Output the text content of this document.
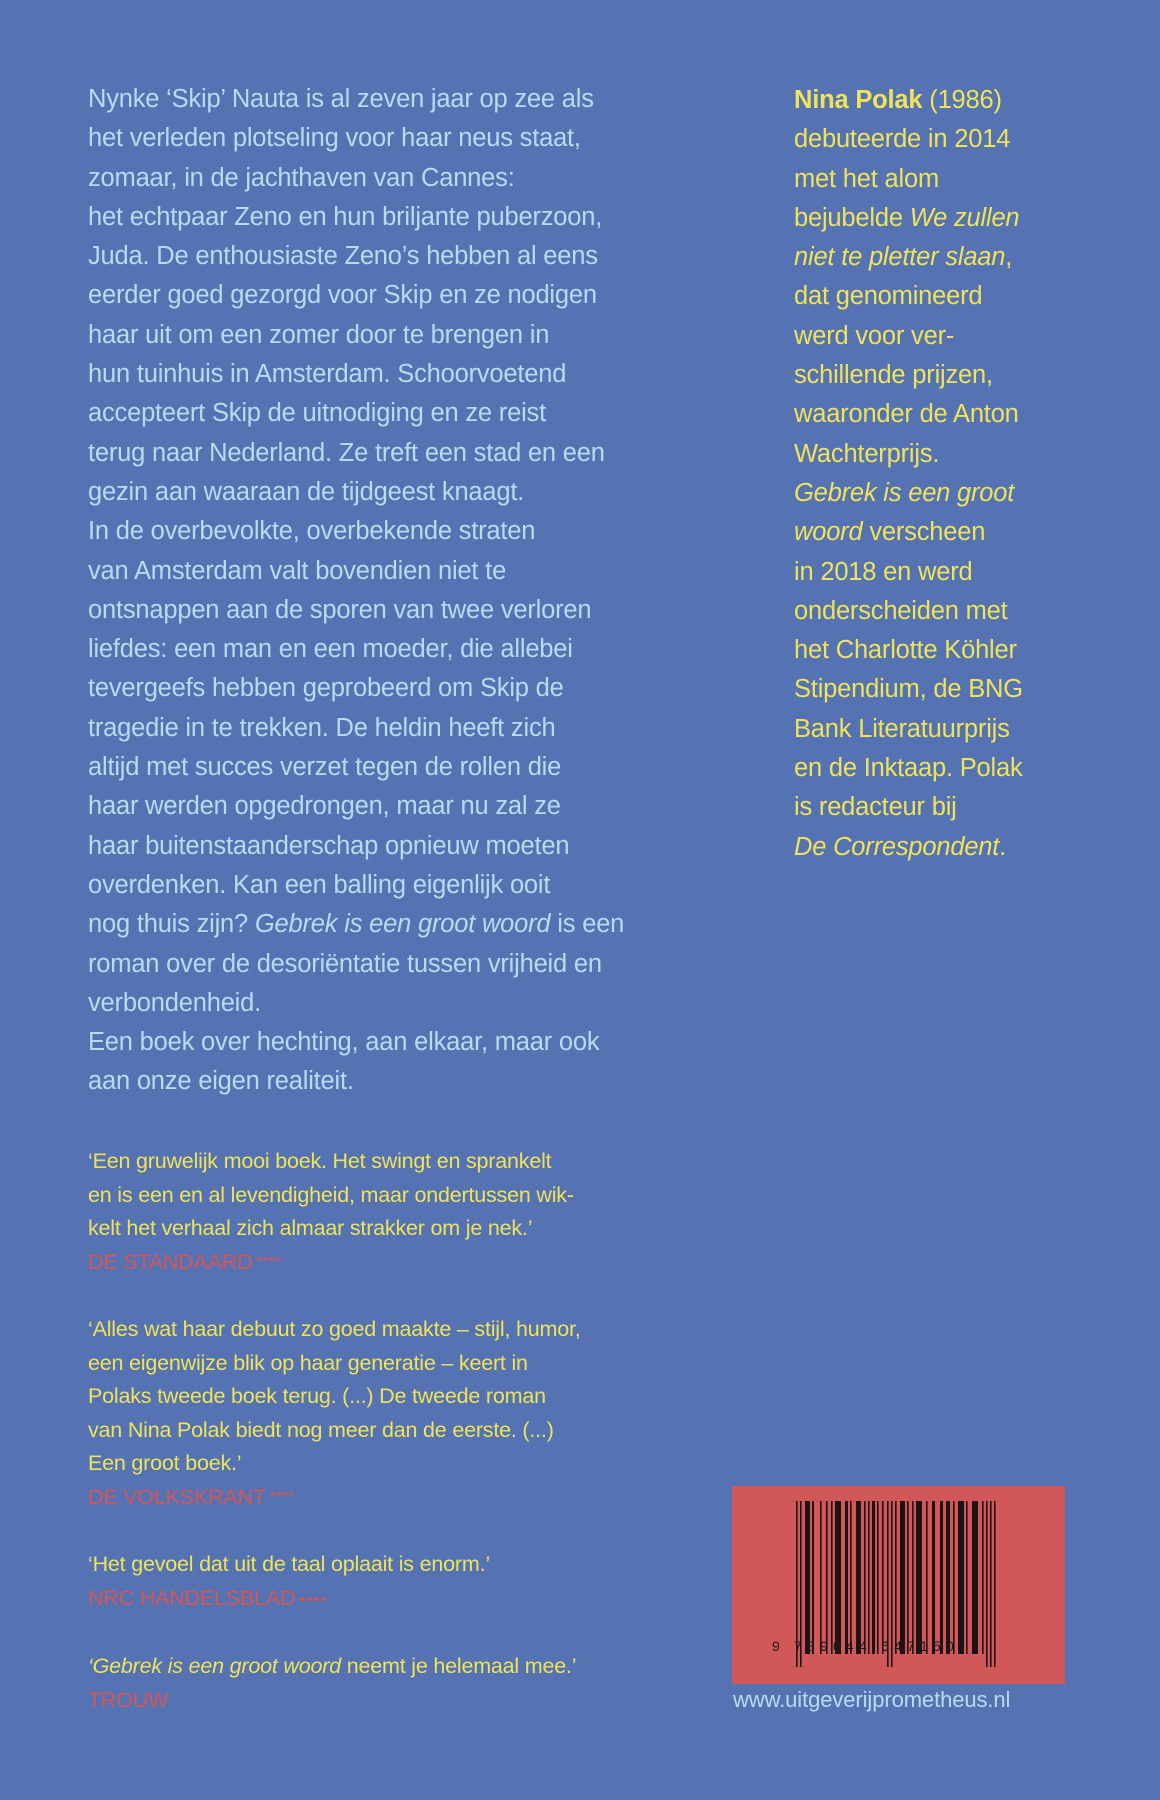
Nynke ‘Skip’ Nauta is al zeven jaar op zee als
het verleden plotseling voor haar neus staat,
zomaar, in de jachthaven van Cannes:
het echtpaar Zeno en hun briljante puberzoon,
Juda. De enthousiaste Zeno’s hebben al eens
eerder goed gezorgd voor Skip en ze nodigen
haar uit om een zomer door te brengen in
hun tuinhuis in Amsterdam. Schoorvoetend
accepteert Skip de uitnodiging en ze reist
terug naar Nederland. Ze treft een stad en een
gezin aan waaraan de tijdgeest knaagt.
In de overbevolkte, overbekende straten
van Amsterdam valt bovendien niet te
ontsnappen aan de sporen van twee verloren
liefdes: een man en een moeder, die allebei
tevergeefs hebben geprobeerd om Skip de
tragedie in te trekken. De heldin heeft zich
altijd met succes verzet tegen de rollen die
haar werden opgedrongen, maar nu zal ze
haar buitenstaanderschap opnieuw moeten
overdenken. Kan een balling eigenlijk ooit
nog thuis zijn? Gebrek is een groot woord is een
roman over de desoriëntatie tussen vrijheid en
verbondenheid.
Een boek over hechting, aan elkaar, maar ook
aan onze eigen realiteit.
Nina Polak (1986)
debuteerde in 2014
met het alom
bejubelde We zullen
niet te pletter slaan,
dat genomineerd
werd voor ver-
schillende prijzen,
waaronder de Anton
Wachterprijs.
Gebrek is een groot
woord verscheen
in 2018 en werd
onderscheiden met
het Charlotte Köhler
Stipendium, de BNG
Bank Literatuurprijs
en de Inktaap. Polak
is redacteur bij
De Correspondent.
‘Een gruwelijk mooi boek. Het swingt en sprankelt
en is een en al levendigheid, maar ondertussen wik-
kelt het verhaal zich almaar strakker om je nek.’
DE STANDAARD ****
‘Alles wat haar debuut zo goed maakte – stijl, humor,
een eigenwijze blik op haar generatie – keert in
Polaks tweede boek terug. (...) De tweede roman
van Nina Polak biedt nog meer dan de eerste. (...)
Een groot boek.’
DE VOLKSKRANT ****
‘Het gevoel dat uit de taal oplaait is enorm.’
NRC HANDELSBLAD ●●●●
‘Gebrek is een groot woord neemt je helemaal mee.’
TROUW
9 789044 647150
www.uitgeverijprometheus.nl
